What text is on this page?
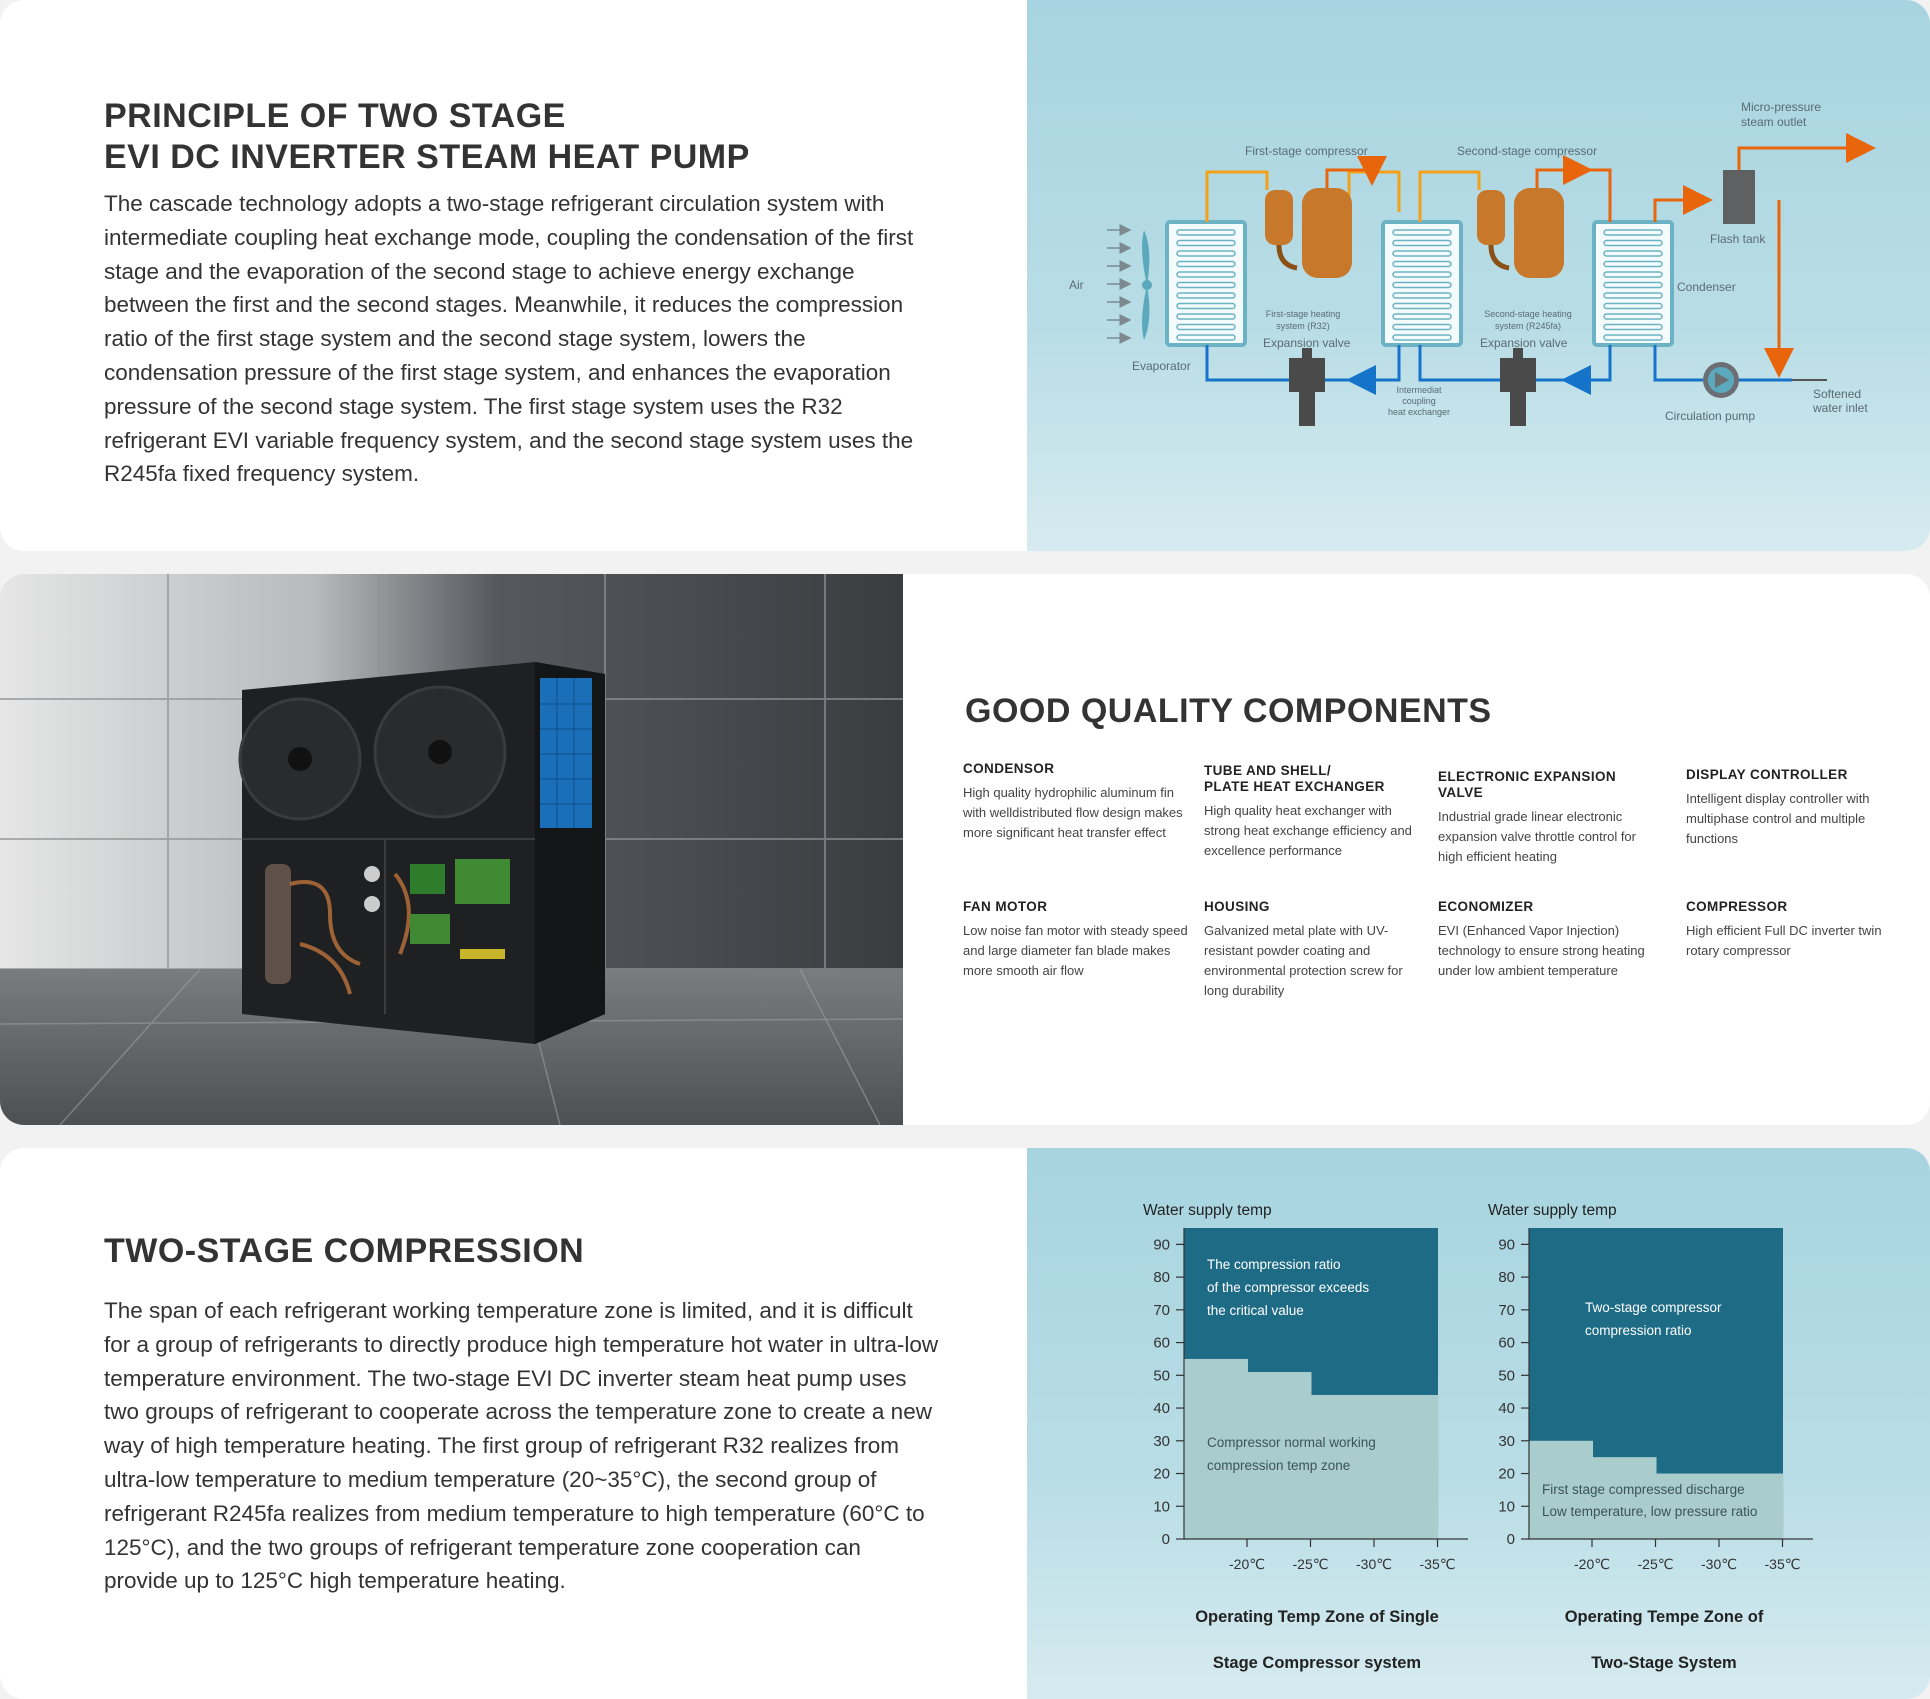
PRINCIPLE OF TWO STAGE
EVI DC INVERTER STEAM HEAT PUMP
The cascade technology adopts a two-stage refrigerant circulation system with intermediate coupling heat exchange mode, coupling the condensation of the first stage and the evaporation of the second stage to achieve energy exchange between the first and the second stages. Meanwhile, it reduces the compression ratio of the first stage system and the second stage system, lowers the condensation pressure of the first stage system, and enhances the evaporation pressure of the second stage system. The first stage system uses the R32 refrigerant EVI variable frequency system, and the second stage system uses the R245fa fixed frequency system.
Air
First-stage compressor	Second-stage compressor
Evaporator
Expansion valve	Expansion valve
Condenser
Flash tank
Circulation pump
Micro-pressure
steam outlet
Softened
water inlet
First-stage heating
system (R32)
Second-stage heating
system (R245fa)
Intermediat
coupling
heat exchanger
GOOD QUALITY COMPONENTS
CONDENSOR
High quality hydrophilic aluminum fin with welldistributed flow design makes more significant heat transfer effect
TUBE AND SHELL/
PLATE HEAT EXCHANGER
High quality heat exchanger with strong heat exchange efficiency and excellence performance
ELECTRONIC EXPANSION VALVE
Industrial grade linear electronic expansion valve throttle control for high efficient heating
DISPLAY CONTROLLER
Intelligent display controller with multiphase control and multiple functions
FAN MOTOR
Low noise fan motor with steady speed and large diameter fan blade makes more smooth air flow
HOUSING
Galvanized metal plate with UV-resistant powder coating and environmental protection screw for long durability
ECONOMIZER
EVI (Enhanced Vapor Injection) technology to ensure strong heating under low ambient temperature
COMPRESSOR
High efficient Full DC inverter twin rotary compressor
TWO-STAGE COMPRESSION
The span of each refrigerant working temperature zone is limited, and it is difficult for a group of refrigerants to directly produce high temperature hot water in ultra-low temperature environment. The two-stage EVI DC inverter steam heat pump uses two groups of refrigerant to cooperate across the temperature zone to create a new way of high temperature heating. The first group of refrigerant R32 realizes from ultra-low temperature to medium temperature (20~35°C), the second group of refrigerant R245fa realizes from medium temperature to high temperature (60°C to 125°C), and the two groups of refrigerant temperature zone cooperation can provide up to 125°C high temperature heating.
0
10
20
30
40
50
60
70
80
90
-20℃ -25℃ -30℃ -35℃
Water supply temp
The compression ratio
of the compressor exceeds
the critical value
Compressor normal working
compression temp zone
0
10
20
30
40
50
60
70
80
90
-20℃ -25℃ -30℃ -35℃
Water supply temp
Two-stage compressor
compression ratio
First stage compressed discharge
Low temperature, low pressure ratio

Operating Temp Zone of Single

Stage Compressor system

Operating Tempe Zone of

Two-Stage System
